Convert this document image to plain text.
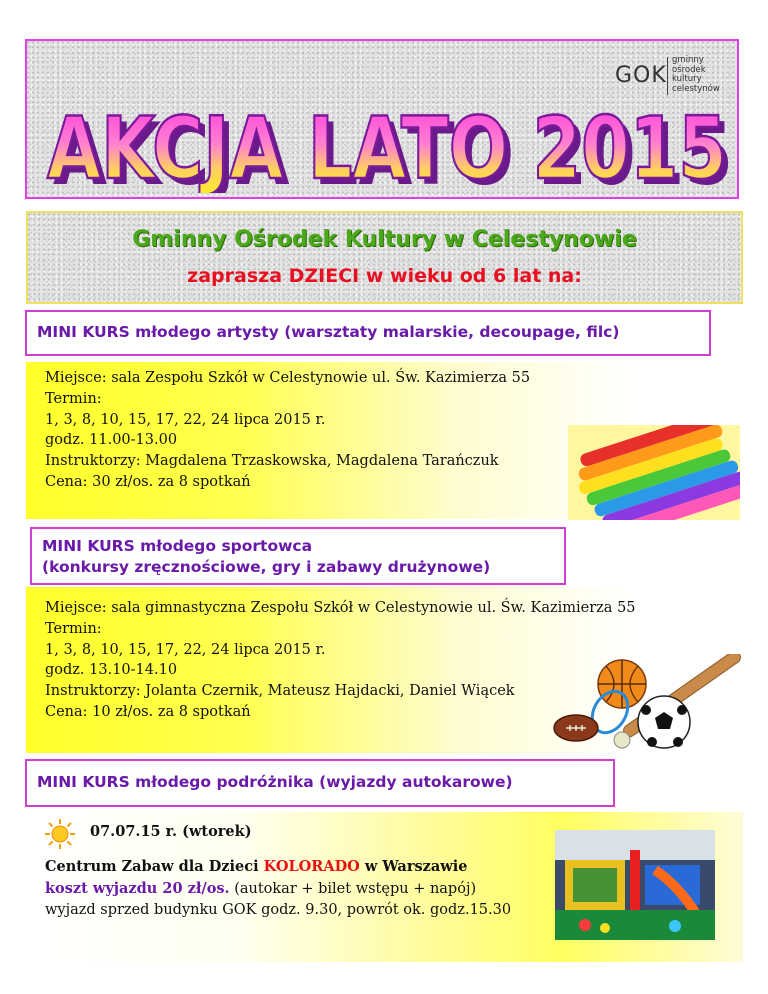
GOK
gminny
ośrodek
kultury
celestynów
AKCJA LATO 2015
AKCJA LATO 2015
Gminny Ośrodek Kultury w Celestynowie
zaprasza DZIECI w wieku od 6 lat na:
MINI KURS młodego artysty (warsztaty malarskie, decoupage, filc)
Miejsce: sala Zespołu Szkół w Celestynowie ul. Św. Kazimierza 55
Termin:
1, 3, 8, 10, 15, 17, 22, 24 lipca 2015 r.
godz. 11.00-13.00
Instruktorzy: Magdalena Trzaskowska, Magdalena Tarańczuk
Cena: 30 zł/os. za 8 spotkań
MINI KURS młodego sportowca
(konkursy zręcznościowe, gry i zabawy drużynowe)
Miejsce: sala gimnastyczna Zespołu Szkół w Celestynowie ul. Św. Kazimierza 55
Termin:
1, 3, 8, 10, 15, 17, 22, 24 lipca 2015 r.
godz. 13.10-14.10
Instruktorzy: Jolanta Czernik, Mateusz Hajdacki, Daniel Wiącek
Cena: 10 zł/os. za 8 spotkań
MINI KURS młodego podróżnika (wyjazdy autokarowe)
07.07.15 r. (wtorek)
Centrum Zabaw dla Dzieci KOLORADO w Warszawie
koszt wyjazdu 20 zł/os. (autokar + bilet wstępu + napój)
wyjazd sprzed budynku GOK godz. 9.30, powrót ok. godz.15.30
